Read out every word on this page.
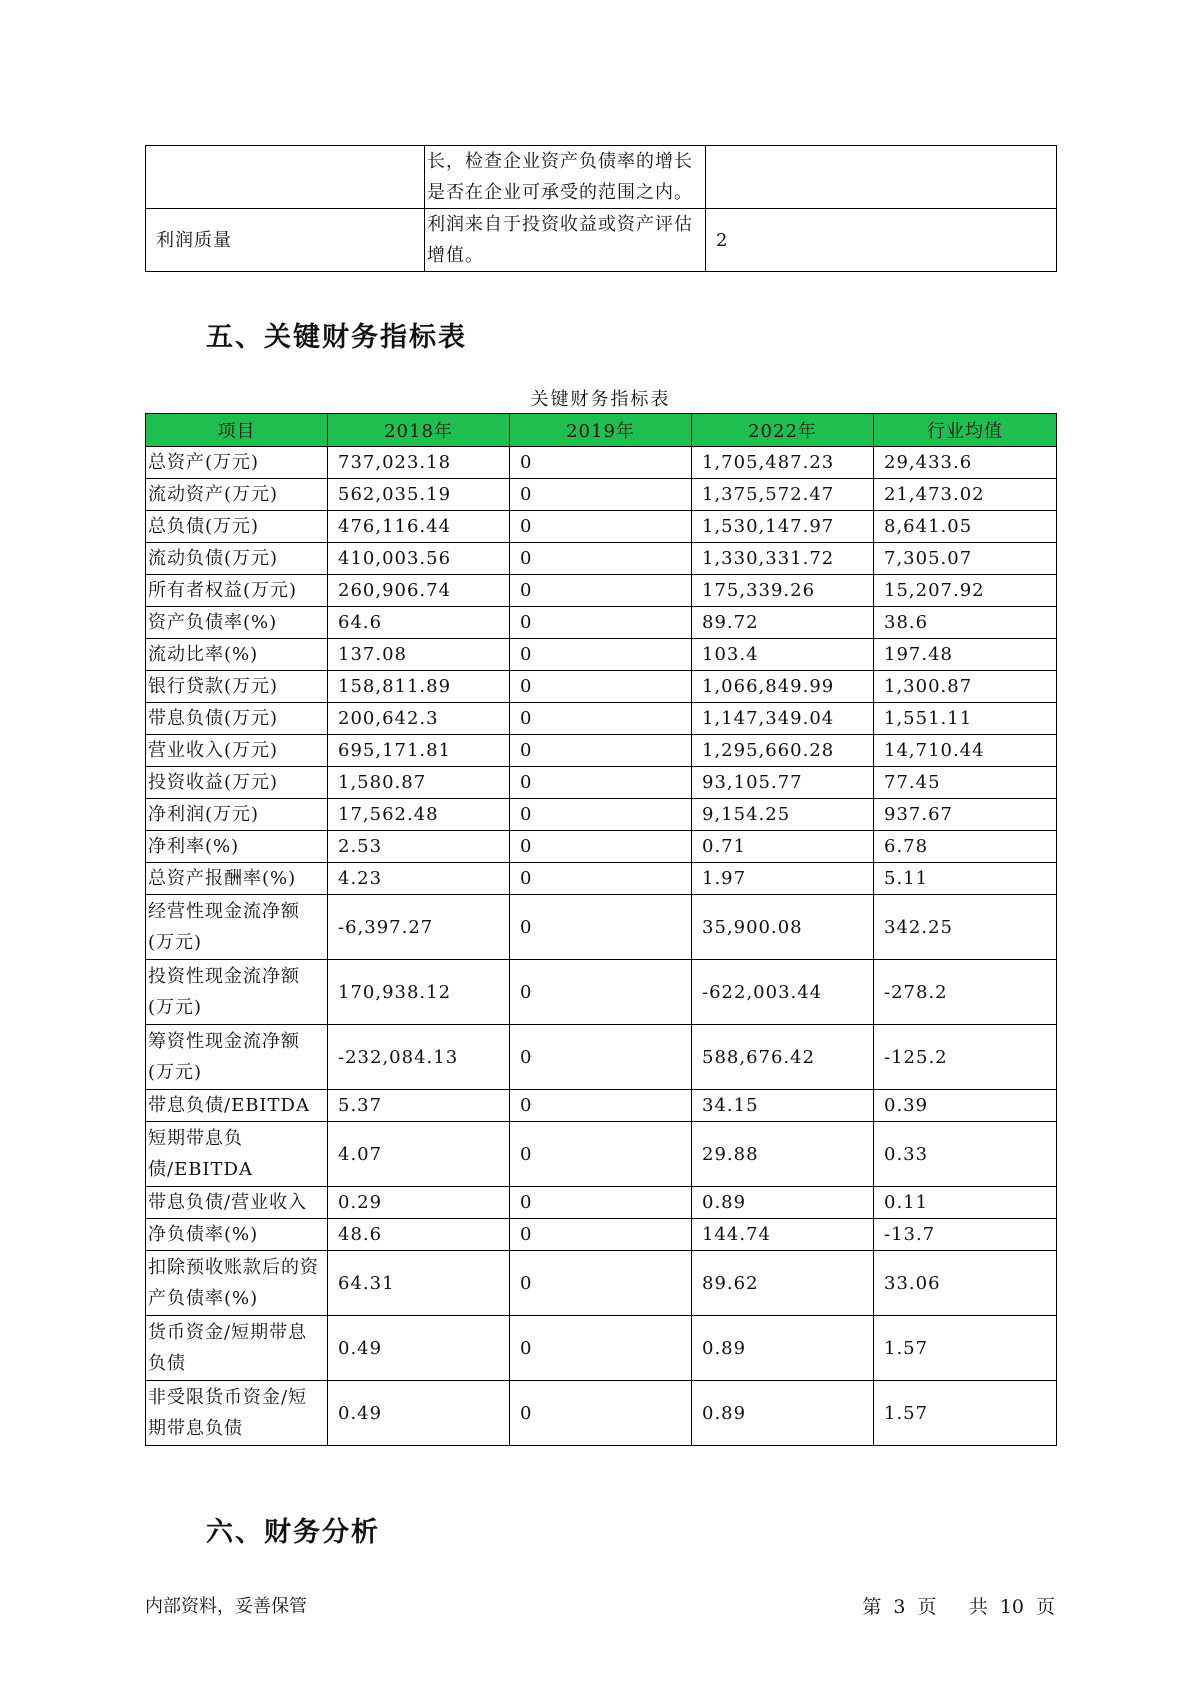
	长，检查企业资产负债率的增长是否在企业可承受的范围之内。	
利润质量	利润来自于投资收益或资产评估增值。	2
五、关键财务指标表
关键财务指标表
项目	2018年	2019年	2022年	行业均值
总资产(万元)	737,023.18	0	1,705,487.23	29,433.6
流动资产(万元)	562,035.19	0	1,375,572.47	21,473.02
总负债(万元)	476,116.44	0	1,530,147.97	8,641.05
流动负债(万元)	410,003.56	0	1,330,331.72	7,305.07
所有者权益(万元)	260,906.74	0	175,339.26	15,207.92
资产负债率(%)	64.6	0	89.72	38.6
流动比率(%)	137.08	0	103.4	197.48
银行贷款(万元)	158,811.89	0	1,066,849.99	1,300.87
带息负债(万元)	200,642.3	0	1,147,349.04	1,551.11
营业收入(万元)	695,171.81	0	1,295,660.28	14,710.44
投资收益(万元)	1,580.87	0	93,105.77	77.45
净利润(万元)	17,562.48	0	9,154.25	937.67
净利率(%)	2.53	0	0.71	6.78
总资产报酬率(%)	4.23	0	1.97	5.11
经营性现金流净额(万元)	-6,397.27	0	35,900.08	342.25
投资性现金流净额(万元)	170,938.12	0	-622,003.44	-278.2
筹资性现金流净额(万元)	-232,084.13	0	588,676.42	-125.2
带息负债/EBITDA	5.37	0	34.15	0.39
短期带息负债/EBITDA	4.07	0	29.88	0.33
带息负债/营业收入	0.29	0	0.89	0.11
净负债率(%)	48.6	0	144.74	-13.7
扣除预收账款后的资产负债率(%)	64.31	0	89.62	33.06
货币资金/短期带息负债	0.49	0	0.89	1.57
非受限货币资金/短期带息负债	0.49	0	0.89	1.57
六、财务分析
内部资料，妥善保管	第 3 页 共 10 页
